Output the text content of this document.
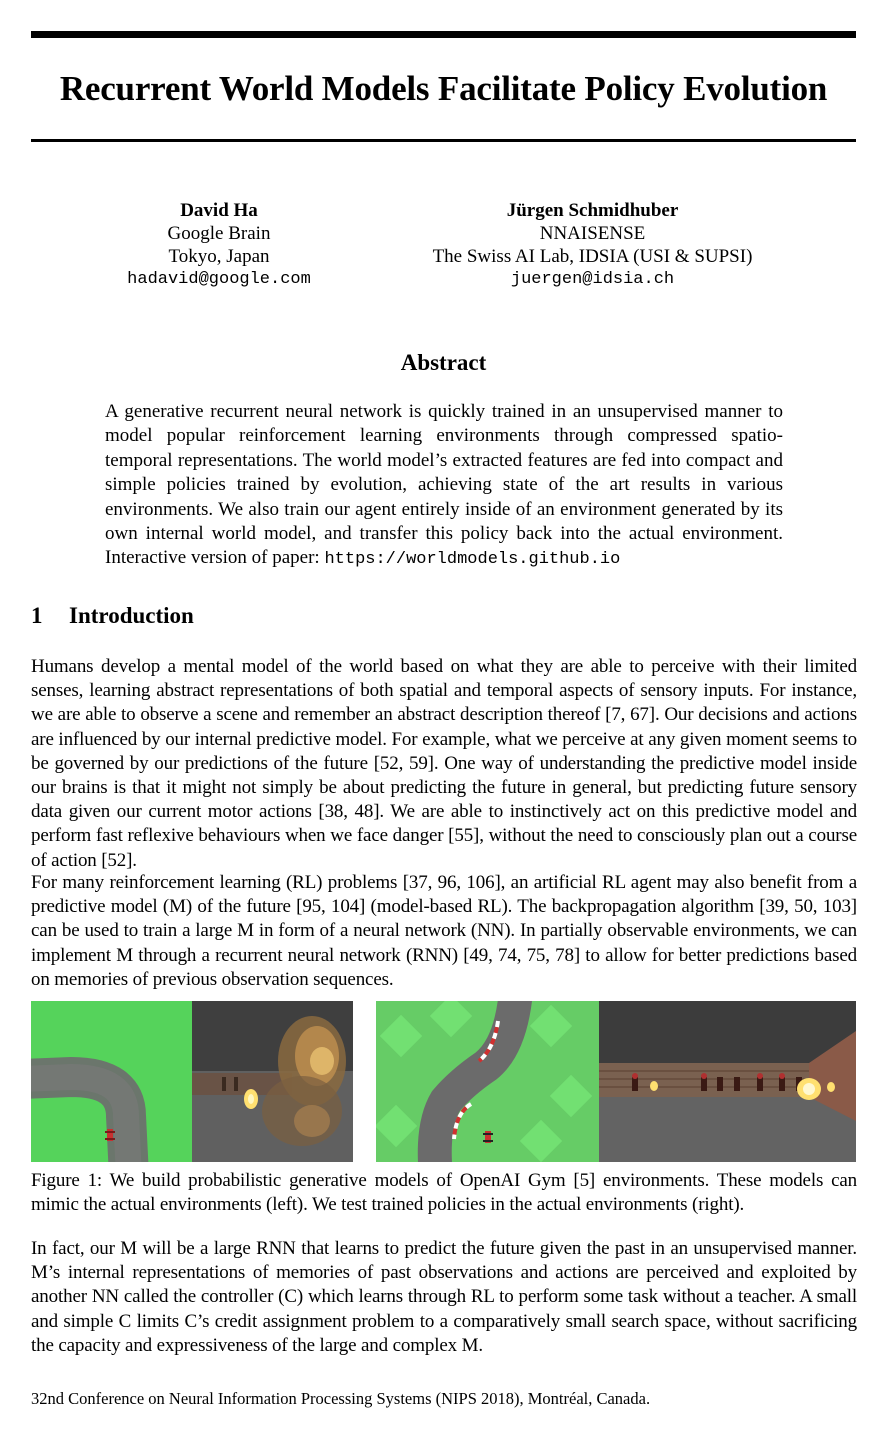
Recurrent World Models Facilitate Policy Evolution
David Ha
Google Brain
Tokyo, Japan
hadavid@google.com
Jürgen Schmidhuber
NNAISENSE
The Swiss AI Lab, IDSIA (USI & SUPSI)
juergen@idsia.ch
Abstract
A generative recurrent neural network is quickly trained in an unsupervised manner to model popular reinforcement learning environments through compressed spatio-temporal representations. The world model’s extracted features are fed into compact and simple policies trained by evolution, achieving state of the art results in various environments. We also train our agent entirely inside of an environment generated by its own internal world model, and transfer this policy back into the actual environment. Interactive version of paper: https://worldmodels.github.io
1 Introduction
Humans develop a mental model of the world based on what they are able to perceive with their limited senses, learning abstract representations of both spatial and temporal aspects of sensory inputs. For instance, we are able to observe a scene and remember an abstract description thereof [7, 67]. Our decisions and actions are influenced by our internal predictive model. For example, what we perceive at any given moment seems to be governed by our predictions of the future [52, 59]. One way of understanding the predictive model inside our brains is that it might not simply be about predicting the future in general, but predicting future sensory data given our current motor actions [38, 48]. We are able to instinctively act on this predictive model and perform fast reflexive behaviours when we face danger [55], without the need to consciously plan out a course of action [52].
For many reinforcement learning (RL) problems [37, 96, 106], an artificial RL agent may also benefit from a predictive model (M) of the future [95, 104] (model-based RL). The backpropagation algorithm [39, 50, 103] can be used to train a large M in form of a neural network (NN). In partially observable environments, we can implement M through a recurrent neural network (RNN) [49, 74, 75, 78] to allow for better predictions based on memories of previous observation sequences.
Figure 1: We build probabilistic generative models of OpenAI Gym [5] environments. These models can mimic the actual environments (left). We test trained policies in the actual environments (right).
In fact, our M will be a large RNN that learns to predict the future given the past in an unsupervised manner. M’s internal representations of memories of past observations and actions are perceived and exploited by another NN called the controller (C) which learns through RL to perform some task without a teacher. A small and simple C limits C’s credit assignment problem to a comparatively small search space, without sacrificing the capacity and expressiveness of the large and complex M.
32nd Conference on Neural Information Processing Systems (NIPS 2018), Montréal, Canada.
